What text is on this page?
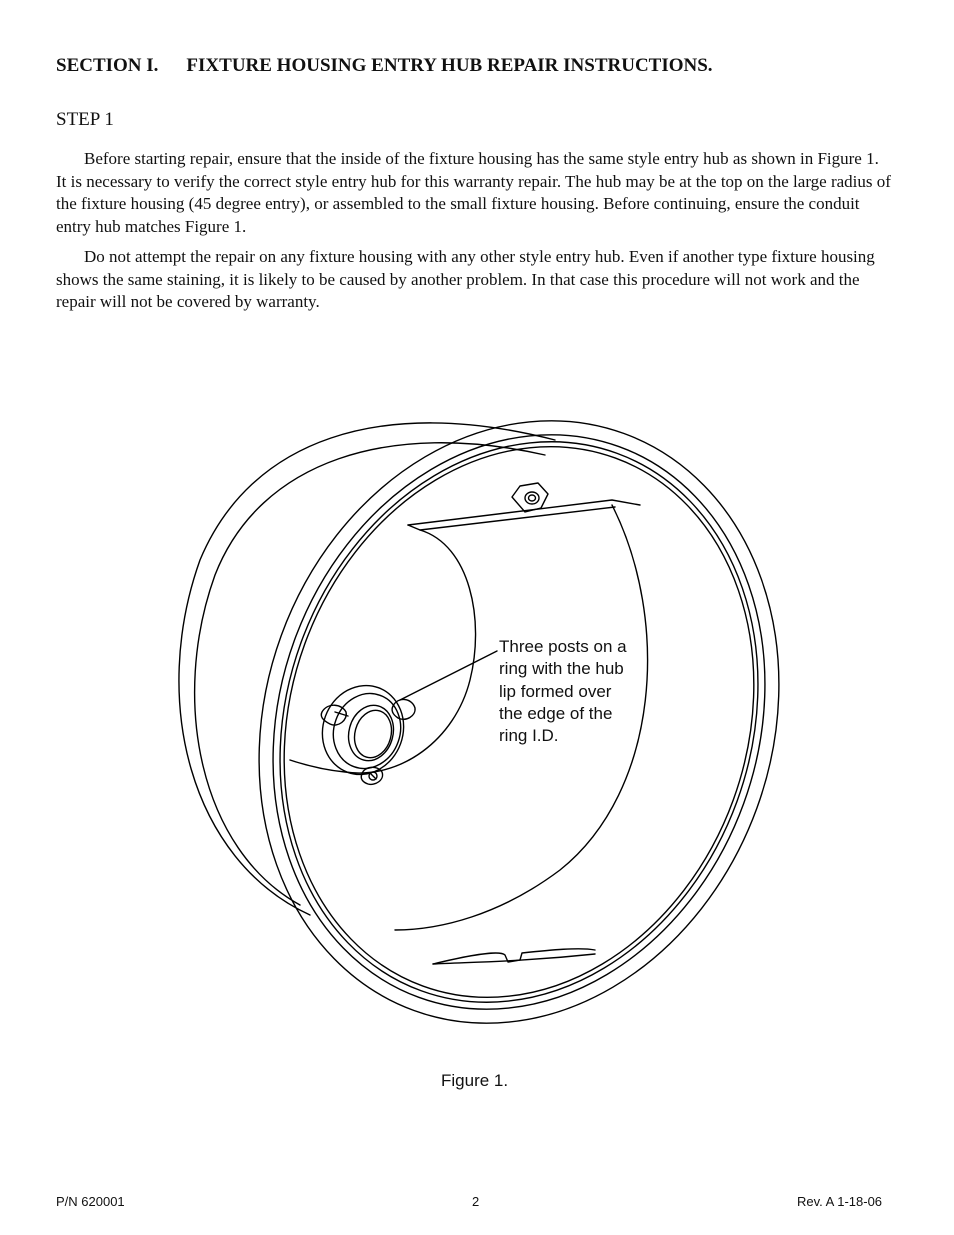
SECTION I. FIXTURE HOUSING ENTRY HUB REPAIR INSTRUCTIONS.
STEP 1

Before starting repair, ensure that the inside of the fixture housing has the same style entry hub as shown in Figure 1. It is necessary to verify the correct style entry hub for this warranty repair. The hub may be at the top on the large radius of the fixture housing (45 degree entry), or assembled to the small fixture housing. Before continuing, ensure the conduit entry hub matches Figure 1.

Do not attempt the repair on any fixture housing with any other style entry hub. Even if another type fixture housing shows the same staining, it is likely to be caused by another problem. In that case this procedure will not work and the repair will not be covered by warranty.

Three posts on a
ring with the hub
lip formed over
the edge of the
ring I.D.
Figure 1.
P/N 620001	2	Rev. A 1-18-06
